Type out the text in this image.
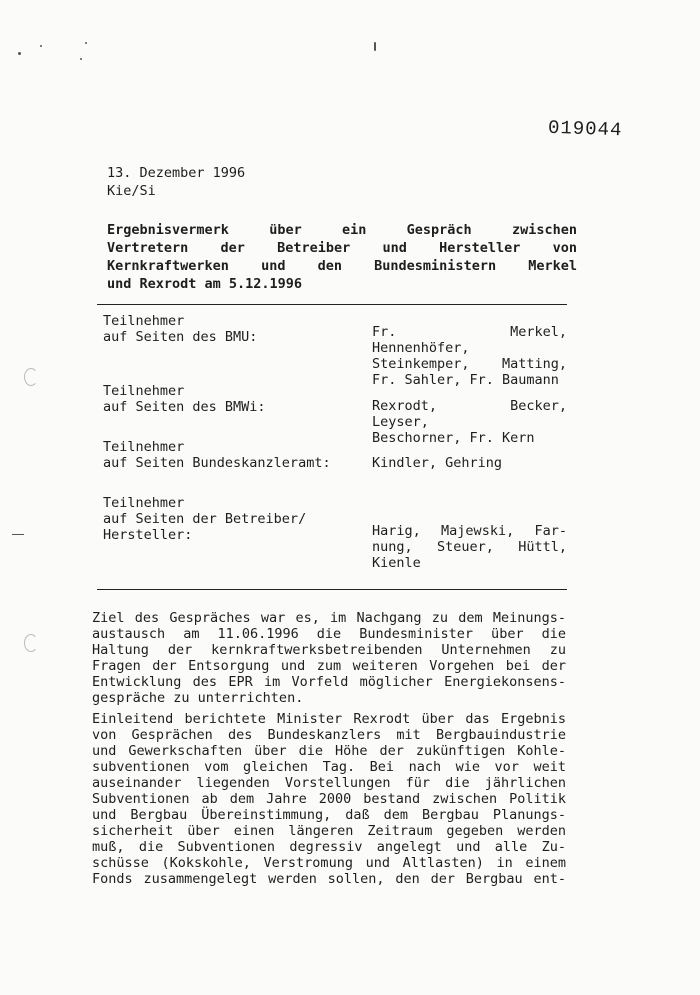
019044
13. Dezember 1996
Kie/Si
Ergebnisvermerk über ein Gespräch zwischen
Vertretern der Betreiber und Hersteller von
Kernkraftwerken und den Bundesministern Merkel
und Rexrodt am 5.12.1996
Teilnehmer
auf Seiten des BMU:	Fr. Merkel, Hennenhöfer,
Steinkemper, Matting,
Fr. Sahler, Fr. Baumann
Teilnehmer
auf Seiten des BMWi:	Rexrodt, Becker, Leyser,
Beschorner, Fr. Kern
Teilnehmer
auf Seiten Bundeskanzleramt:	Kindler, Gehring
Teilnehmer
auf Seiten der Betreiber/
Hersteller:	Harig, Majewski, Far-
nung, Steuer, Hüttl,
Kienle
Ziel des Gespräches war es, im Nachgang zu dem Meinungs-
austausch am 11.06.1996 die Bundesminister über die
Haltung der kernkraftwerksbetreibenden Unternehmen zu
Fragen der Entsorgung und zum weiteren Vorgehen bei der
Entwicklung des EPR im Vorfeld möglicher Energiekonsens-
gespräche zu unterrichten.
Einleitend berichtete Minister Rexrodt über das Ergebnis
von Gesprächen des Bundeskanzlers mit Bergbauindustrie
und Gewerkschaften über die Höhe der zukünftigen Kohle-
subventionen vom gleichen Tag. Bei nach wie vor weit
auseinander liegenden Vorstellungen für die jährlichen
Subventionen ab dem Jahre 2000 bestand zwischen Politik
und Bergbau Übereinstimmung, daß dem Bergbau Planungs-
sicherheit über einen längeren Zeitraum gegeben werden
muß, die Subventionen degressiv angelegt und alle Zu-
schüsse (Kokskohle, Verstromung und Altlasten) in einem
Fonds zusammengelegt werden sollen, den der Bergbau ent-
